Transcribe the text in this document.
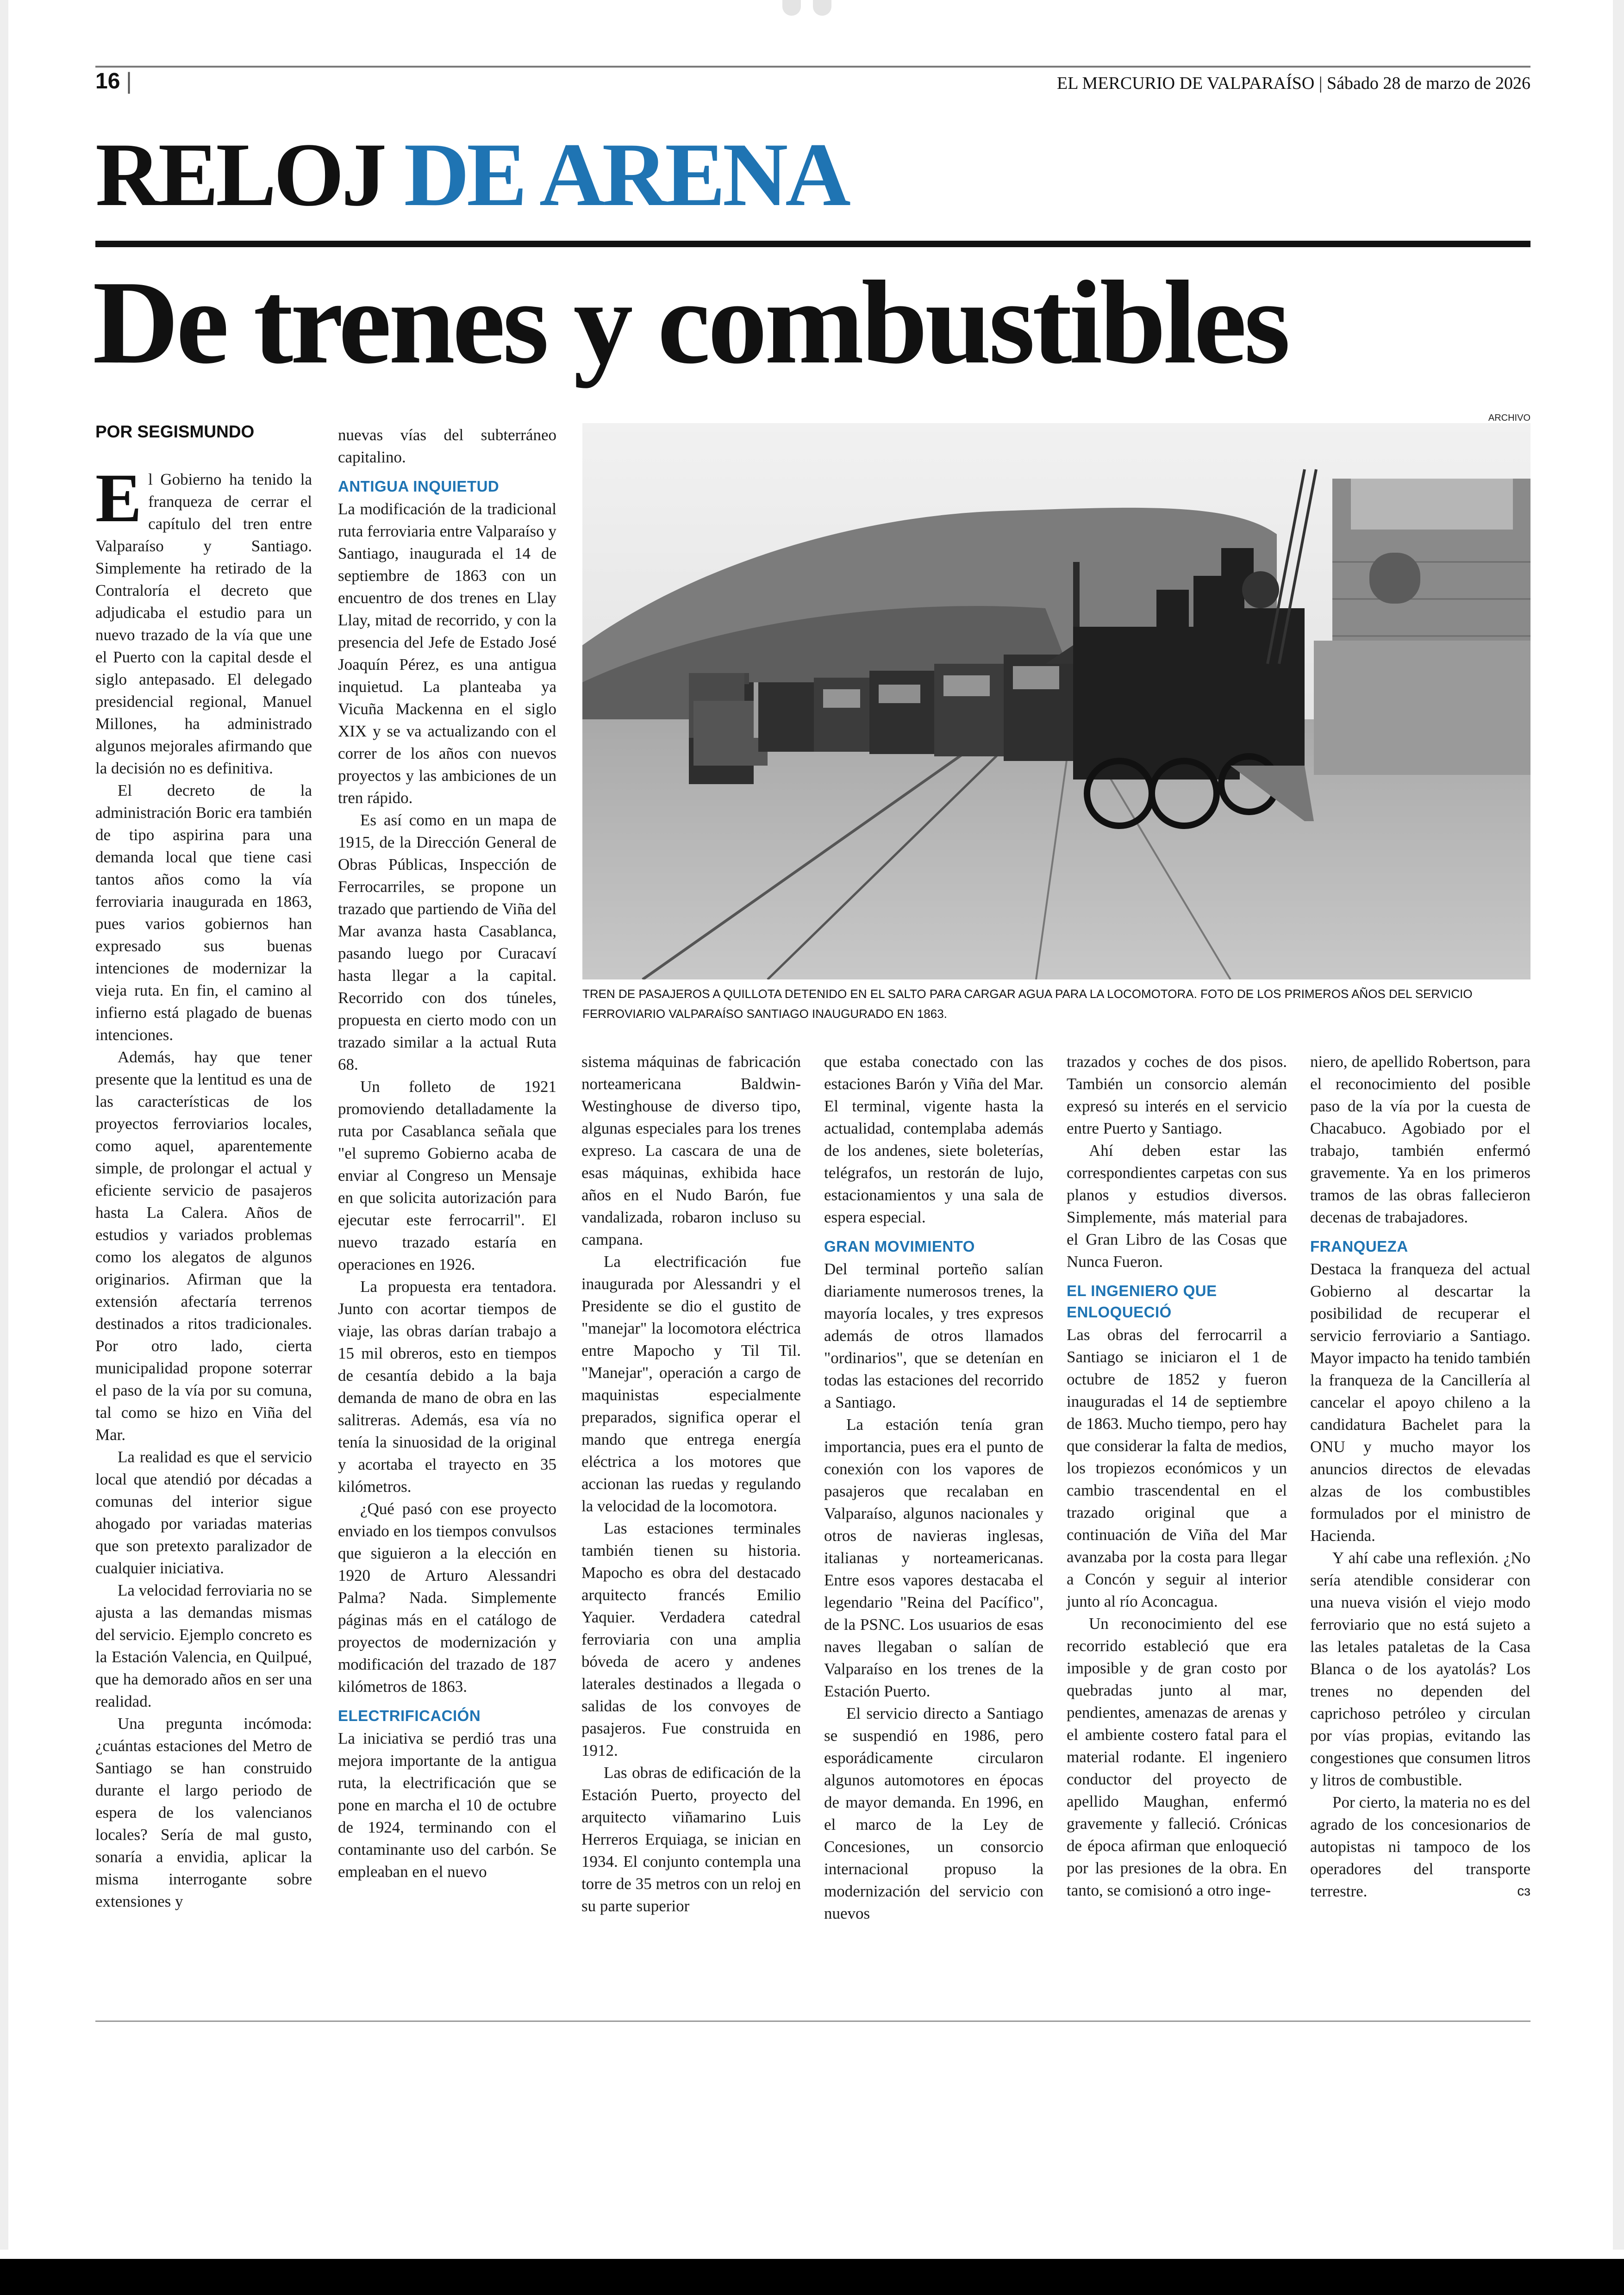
16 |	EL MERCURIO DE VALPARAÍSO | Sábado 28 de marzo de 2026
RELOJ DE ARENA
De trenes y combustibles
POR SEGISMUNDO

El Gobierno ha tenido la franqueza de cerrar el capítulo del tren entre Valparaíso y Santiago. Simplemente ha retirado de la Contraloría el decreto que adjudicaba el estudio para un nuevo trazado de la vía que une el Puerto con la capital desde el siglo antepasado. El delegado presidencial regional, Manuel Millones, ha administrado algunos mejorales afirmando que la decisión no es definitiva.

El decreto de la administración Boric era también de tipo aspirina para una demanda local que tiene casi tantos años como la vía ferroviaria inaugurada en 1863, pues varios gobiernos han expresado sus buenas intenciones de modernizar la vieja ruta. En fin, el camino al infierno está plagado de buenas intenciones.

Además, hay que tener presente que la lentitud es una de las características de los proyectos ferroviarios locales, como aquel, aparentemente simple, de prolongar el actual y eficiente servicio de pasajeros hasta La Calera. Años de estudios y variados problemas como los alegatos de algunos originarios. Afirman que la extensión afectaría terrenos destinados a ritos tradicionales. Por otro lado, cierta municipalidad propone soterrar el paso de la vía por su comuna, tal como se hizo en Viña del Mar.

La realidad es que el servicio local que atendió por décadas a comunas del interior sigue ahogado por variadas materias que son pretexto paralizador de cualquier iniciativa.

La velocidad ferroviaria no se ajusta a las demandas mismas del servicio. Ejemplo concreto es la Estación Valencia, en Quilpué, que ha demorado años en ser una realidad.

Una pregunta incómoda: ¿cuántas estaciones del Metro de Santiago se han construido durante el largo periodo de espera de los valencianos locales? Sería de mal gusto, sonaría a envidia, aplicar la misma interrogante sobre extensiones y

nuevas vías del subterráneo capitalino.

ANTIGUA INQUIETUD

La modificación de la tradicional ruta ferroviaria entre Valparaíso y Santiago, inaugurada el 14 de septiembre de 1863 con un encuentro de dos trenes en Llay Llay, mitad de recorrido, y con la presencia del Jefe de Estado José Joaquín Pérez, es una antigua inquietud. La planteaba ya Vicuña Mackenna en el siglo XIX y se va actualizando con el correr de los años con nuevos proyectos y las ambiciones de un tren rápido.

Es así como en un mapa de 1915, de la Dirección General de Obras Públicas, Inspección de Ferrocarriles, se propone un trazado que partiendo de Viña del Mar avanza hasta Casablanca, pasando luego por Curacaví hasta llegar a la capital. Recorrido con dos túneles, propuesta en cierto modo con un trazado similar a la actual Ruta 68.

Un folleto de 1921 promoviendo detalladamente la ruta por Casablanca señala que "el supremo Gobierno acaba de enviar al Congreso un Mensaje en que solicita autorización para ejecutar este ferrocarril". El nuevo trazado estaría en operaciones en 1926.

La propuesta era tentadora. Junto con acortar tiempos de viaje, las obras darían trabajo a 15 mil obreros, esto en tiempos de cesantía debido a la baja demanda de mano de obra en las salitreras. Además, esa vía no tenía la sinuosidad de la original y acortaba el trayecto en 35 kilómetros.

¿Qué pasó con ese proyecto enviado en los tiempos convulsos que siguieron a la elección en 1920 de Arturo Alessandri Palma? Nada. Simplemente páginas más en el catálogo de proyectos de modernización y modificación del trazado de 187 kilómetros de 1863.

ELECTRIFICACIÓN

La iniciativa se perdió tras una mejora importante de la antigua ruta, la electrificación que se pone en marcha el 10 de octubre de 1924, terminando con el contaminante uso del carbón. Se empleaban en el nuevo

ARCHIVO
TREN DE PASAJEROS A QUILLOTA DETENIDO EN EL SALTO PARA CARGAR AGUA PARA LA LOCOMOTORA. FOTO DE LOS PRIMEROS AÑOS DEL SERVICIO FERROVIARIO VALPARAÍSO SANTIAGO INAUGURADO EN 1863.

sistema máquinas de fabricación norteamericana Baldwin-Westinghouse de diverso tipo, algunas especiales para los trenes expreso. La cascara de una de esas máquinas, exhibida hace años en el Nudo Barón, fue vandalizada, robaron incluso su campana.

La electrificación fue inaugurada por Alessandri y el Presidente se dio el gustito de "manejar" la locomotora eléctrica entre Mapocho y Til Til. "Manejar", operación a cargo de maquinistas especialmente preparados, significa operar el mando que entrega energía eléctrica a los motores que accionan las ruedas y regulando la velocidad de la locomotora.

Las estaciones terminales también tienen su historia. Mapocho es obra del destacado arquitecto francés Emilio Yaquier. Verdadera catedral ferroviaria con una amplia bóveda de acero y andenes laterales destinados a llegada o salidas de los convoyes de pasajeros. Fue construida en 1912.

Las obras de edificación de la Estación Puerto, proyecto del arquitecto viñamarino Luis Herreros Erquiaga, se inician en 1934. El conjunto contempla una torre de 35 metros con un reloj en su parte superior

que estaba conectado con las estaciones Barón y Viña del Mar. El terminal, vigente hasta la actualidad, contemplaba además de los andenes, siete boleterías, telégrafos, un restorán de lujo, estacionamientos y una sala de espera especial.

GRAN MOVIMIENTO

Del terminal porteño salían diariamente numerosos trenes, la mayoría locales, y tres expresos además de otros llamados "ordinarios", que se detenían en todas las estaciones del recorrido a Santiago.

La estación tenía gran importancia, pues era el punto de conexión con los vapores de pasajeros que recalaban en Valparaíso, algunos nacionales y otros de navieras inglesas, italianas y norteamericanas. Entre esos vapores destacaba el legendario "Reina del Pacífico", de la PSNC. Los usuarios de esas naves llegaban o salían de Valparaíso en los trenes de la Estación Puerto.

El servicio directo a Santiago se suspendió en 1986, pero esporádicamente circularon algunos automotores en épocas de mayor demanda. En 1996, en el marco de la Ley de Concesiones, un consorcio internacional propuso la modernización del servicio con nuevos

trazados y coches de dos pisos. También un consorcio alemán expresó su interés en el servicio entre Puerto y Santiago.

Ahí deben estar las correspondientes carpetas con sus planos y estudios diversos. Simplemente, más material para el Gran Libro de las Cosas que Nunca Fueron.

EL INGENIERO QUE ENLOQUECIÓ

Las obras del ferrocarril a Santiago se iniciaron el 1 de octubre de 1852 y fueron inauguradas el 14 de septiembre de 1863. Mucho tiempo, pero hay que considerar la falta de medios, los tropiezos económicos y un cambio trascendental en el trazado original que a continuación de Viña del Mar avanzaba por la costa para llegar a Concón y seguir al interior junto al río Aconcagua.

Un reconocimiento del ese recorrido estableció que era imposible y de gran costo por quebradas junto al mar, pendientes, amenazas de arenas y el ambiente costero fatal para el material rodante. El ingeniero conductor del proyecto de apellido Maughan, enfermó gravemente y falleció. Crónicas de época afirman que enloqueció por las presiones de la obra. En tanto, se comisionó a otro inge-

niero, de apellido Robertson, para el reconocimiento del posible paso de la vía por la cuesta de Chacabuco. Agobiado por el trabajo, también enfermó gravemente. Ya en los primeros tramos de las obras fallecieron decenas de trabajadores.

FRANQUEZA

Destaca la franqueza del actual Gobierno al descartar la posibilidad de recuperar el servicio ferroviario a Santiago. Mayor impacto ha tenido también la franqueza de la Cancillería al cancelar el apoyo chileno a la candidatura Bachelet para la ONU y mucho mayor los anuncios directos de elevadas alzas de los combustibles formulados por el ministro de Hacienda.

Y ahí cabe una reflexión. ¿No sería atendible considerar con una nueva visión el viejo modo ferroviario que no está sujeto a las letales pataletas de la Casa Blanca o de los ayatolás? Los trenes no dependen del caprichoso petróleo y circulan por vías propias, evitando las congestiones que consumen litros y litros de combustible.

Por cierto, la materia no es del agrado de los concesionarios de autopistas ni tampoco de los operadores del transporte terrestre.	cɜ
